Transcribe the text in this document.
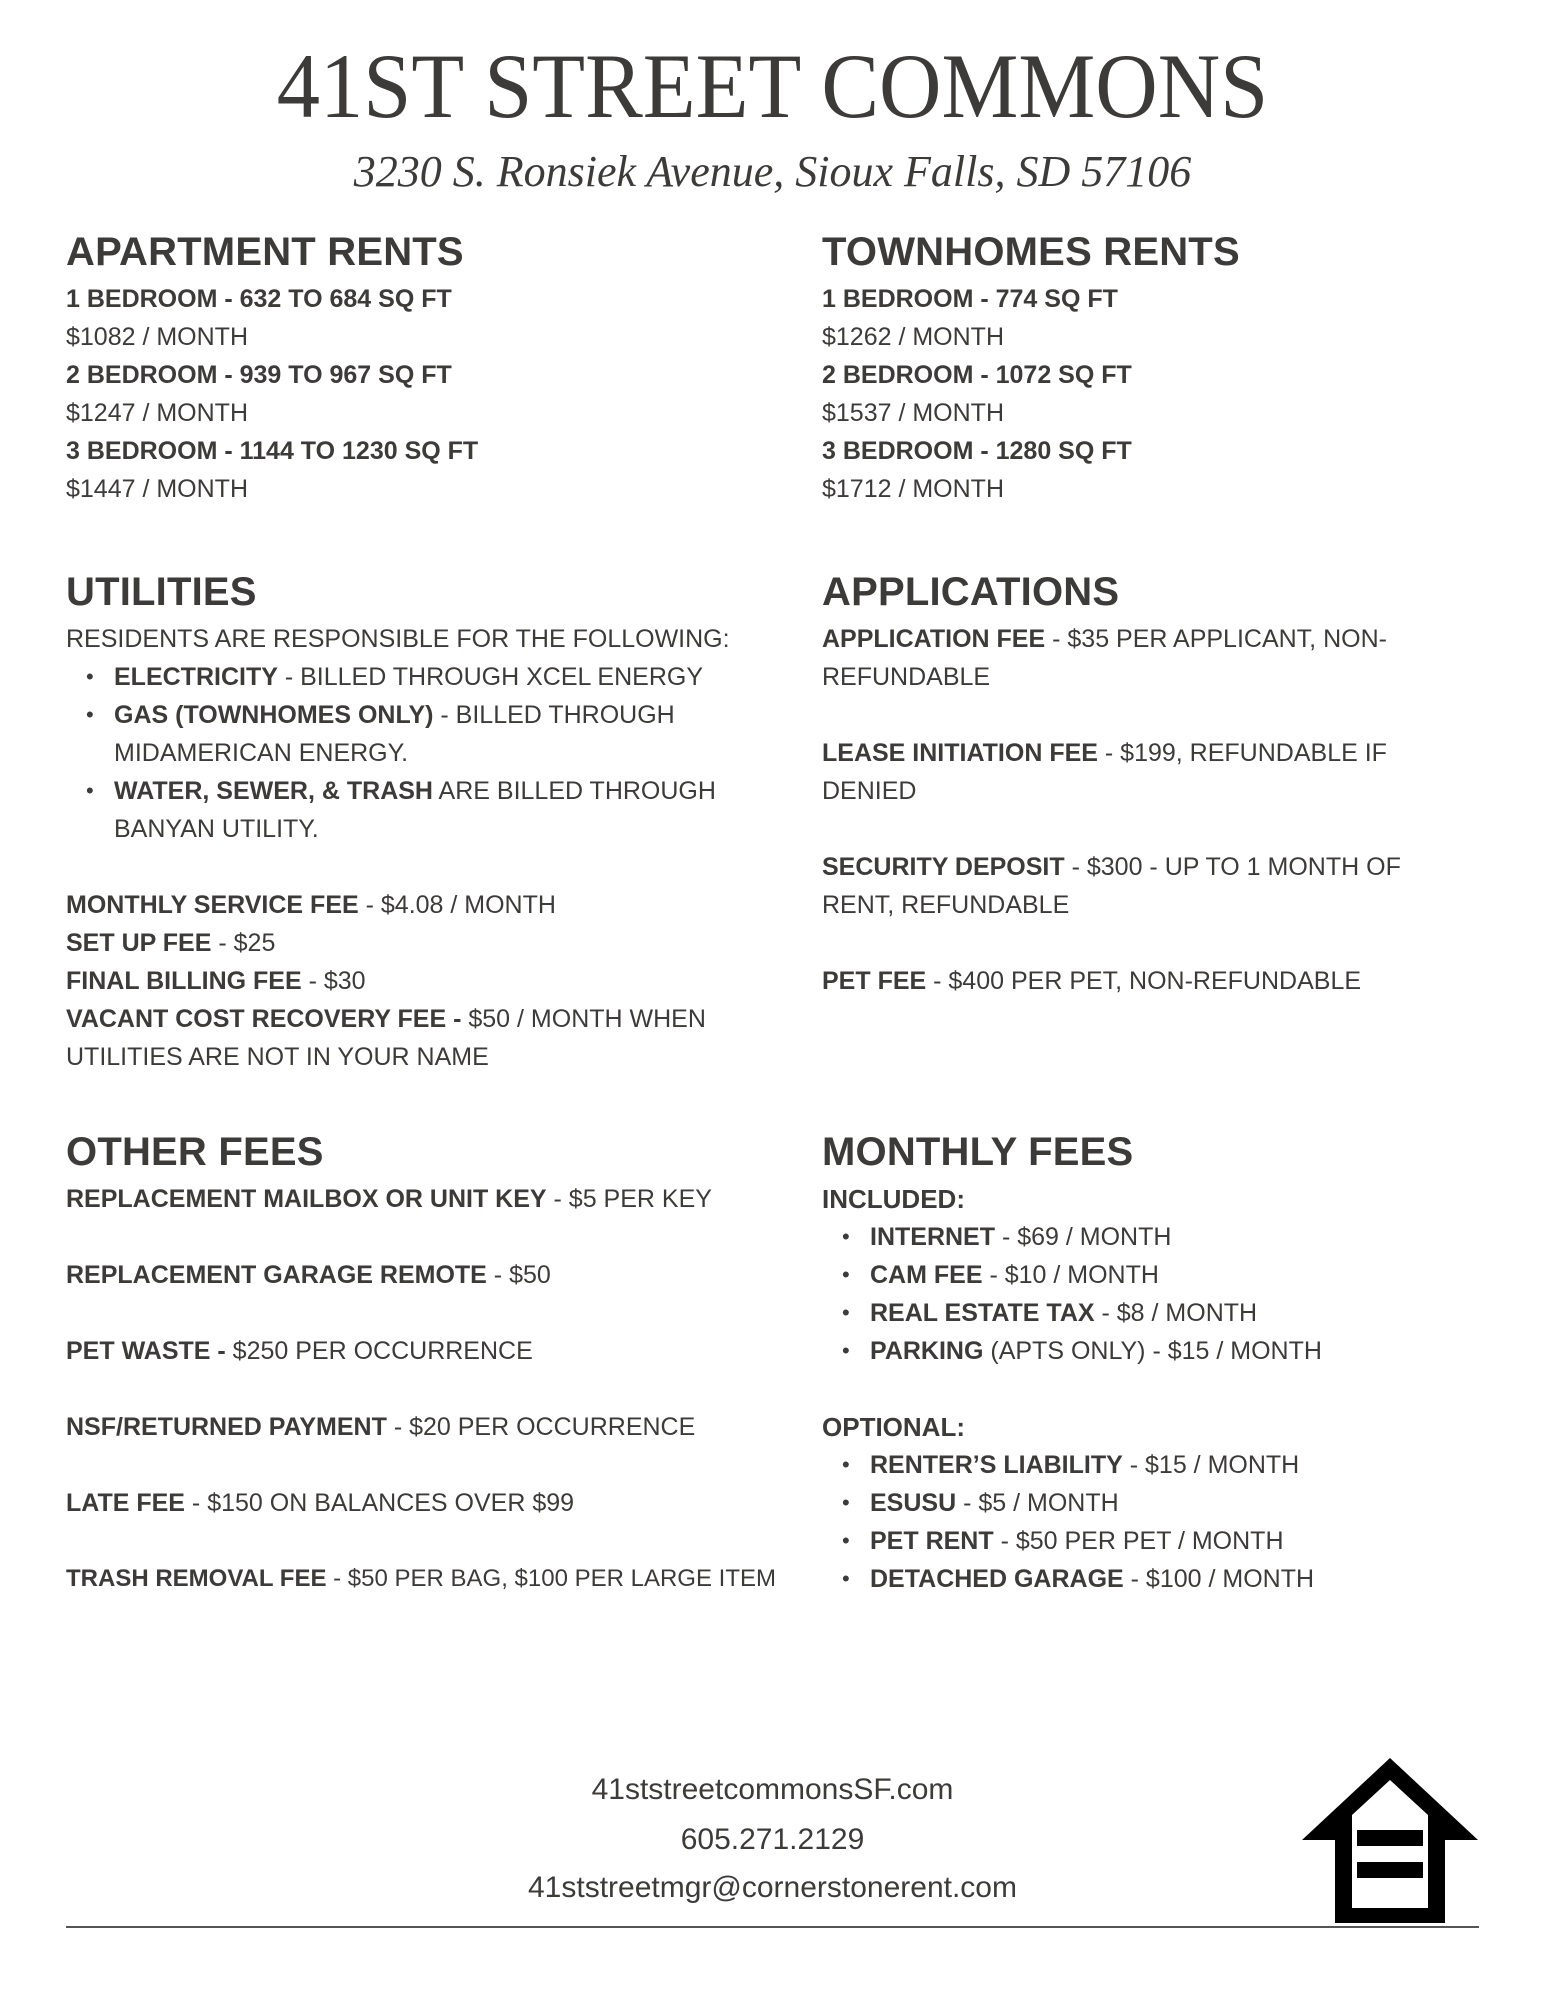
41ST STREET COMMONS
3230 S. Ronsiek Avenue, Sioux Falls, SD 57106
APARTMENT RENTS
1 BEDROOM - 632 TO 684 SQ FT
$1082 / MONTH
2 BEDROOM - 939 TO 967 SQ FT
$1247 / MONTH
3 BEDROOM - 1144 TO 1230 SQ FT
$1447 / MONTH
TOWNHOMES RENTS
1 BEDROOM - 774 SQ FT
$1262 / MONTH
2 BEDROOM - 1072 SQ FT
$1537 / MONTH
3 BEDROOM - 1280 SQ FT
$1712 / MONTH
UTILITIES
RESIDENTS ARE RESPONSIBLE FOR THE FOLLOWING:
• ELECTRICITY - BILLED THROUGH XCEL ENERGY
• GAS (TOWNHOMES ONLY) - BILLED THROUGH MIDAMERICAN ENERGY.
• WATER, SEWER, & TRASH ARE BILLED THROUGH BANYAN UTILITY.
MONTHLY SERVICE FEE - $4.08 / MONTH
SET UP FEE - $25
FINAL BILLING FEE - $30
VACANT COST RECOVERY FEE - $50 / MONTH WHEN UTILITIES ARE NOT IN YOUR NAME
APPLICATIONS
APPLICATION FEE - $35 PER APPLICANT, NON-REFUNDABLE
LEASE INITIATION FEE - $199, REFUNDABLE IF DENIED
SECURITY DEPOSIT - $300 - UP TO 1 MONTH OF RENT, REFUNDABLE
PET FEE - $400 PER PET, NON-REFUNDABLE
OTHER FEES
REPLACEMENT MAILBOX OR UNIT KEY - $5 PER KEY
REPLACEMENT GARAGE REMOTE - $50
PET WASTE - $250 PER OCCURRENCE
NSF/RETURNED PAYMENT - $20 PER OCCURRENCE
LATE FEE - $150 ON BALANCES OVER $99
TRASH REMOVAL FEE - $50 PER BAG, $100 PER LARGE ITEM
MONTHLY FEES
INCLUDED:
• INTERNET - $69 / MONTH
• CAM FEE - $10 / MONTH
• REAL ESTATE TAX - $8 / MONTH
• PARKING (APTS ONLY) - $15 / MONTH
OPTIONAL:
• RENTER’S LIABILITY - $15 / MONTH
• ESUSU - $5 / MONTH
• PET RENT - $50 PER PET / MONTH
• DETACHED GARAGE - $100 / MONTH
41ststreetcommonsSF.com
605.271.2129
41ststreetmgr@cornerstonerent.com
